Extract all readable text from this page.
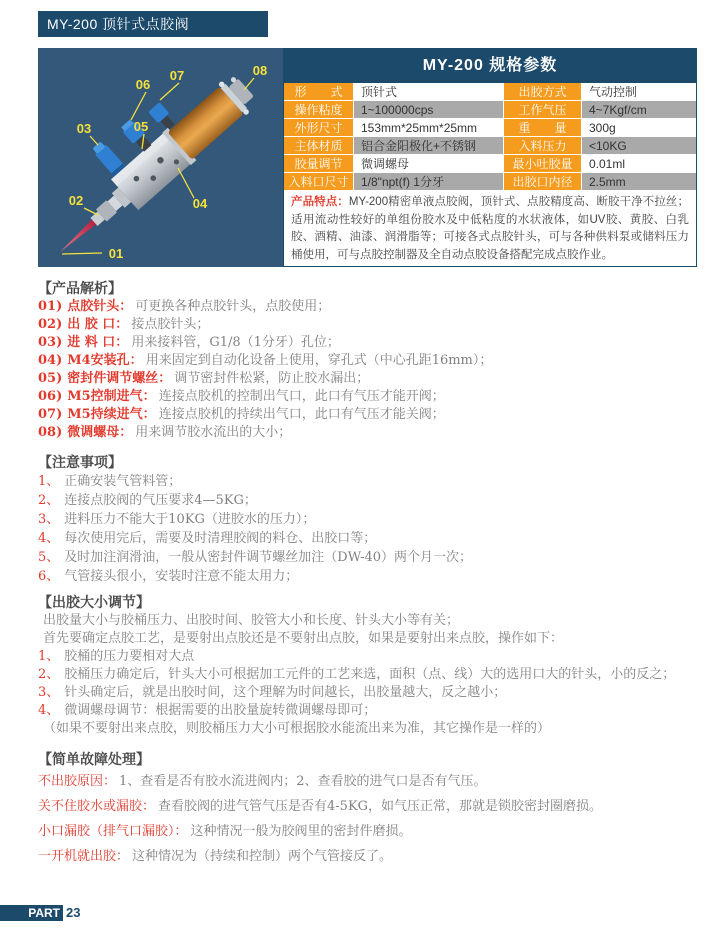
MY-200 顶针式点胶阀
01
02
03
04
05
06
07	08	MY-200 规格参数
形　　式	顶针式	出胶方式	气动控制
操作粘度	1~100000cps	工作气压	4~7Kgf/cm
外形尺寸	153mm*25mm*25mm	重　　量	300g
主体材质	铝合金阳极化+不锈钢	入料压力	<10KG
胶量调节	微调螺母	最小吐胶量	0.01ml
入料口尺寸	1/8"npt(f) 1分牙	出胶口内径	2.5mm
产品特点：MY-200精密单液点胶阀，顶针式、点胶精度高、断胶干净不拉丝；适用流动性较好的单组份胶水及中低粘度的水状液体，如UV胶、黄胶、白乳胶、酒精、油漆、润滑脂等；可接各式点胶针头，可与各种供料泵或储料压力桶使用，可与点胶控制器及全自动点胶设备搭配完成点胶作业。
【产品解析】
01) 点胶针头： 可更换各种点胶针头，点胶使用；
02) 出 胶 口： 接点胶针头；
03) 进 料 口： 用来接料管，G1/8（1分牙）孔位；
04) M4安装孔： 用来固定到自动化设备上使用，穿孔式（中心孔距16mm）；
05) 密封件调节螺丝： 调节密封件松紧，防止胶水漏出；
06) M5控制进气： 连接点胶机的控制出气口，此口有气压才能开阀；
07) M5持续进气： 连接点胶机的持续出气口，此口有气压才能关阀；
08) 微调螺母： 用来调节胶水流出的大小；
【注意事项】
1、 正确安装气管料管；
2、 连接点胶阀的气压要求4—5KG；
3、 进料压力不能大于10KG（进胶水的压力）；
4、 每次使用完后，需要及时清理胶阀的料仓、出胶口等；
5、 及时加注润滑油，一般从密封件调节螺丝加注（DW-40）两个月一次；
6、 气管接头很小，安装时注意不能太用力；
【出胶大小调节】
出胶量大小与胶桶压力、出胶时间、胶管大小和长度、针头大小等有关；
首先要确定点胶工艺，是要射出点胶还是不要射出点胶，如果是要射出来点胶，操作如下：
1、 胶桶的压力要相对大点
2、 胶桶压力确定后，针头大小可根据加工元件的工艺来选，面积（点、线）大的选用口大的针头，小的反之；
3、 针头确定后，就是出胶时间，这个理解为时间越长，出胶量越大，反之越小；
4、 微调螺母调节：根据需要的出胶量旋转微调螺母即可；
（如果不要射出来点胶，则胶桶压力大小可根据胶水能流出来为准，其它操作是一样的）
【简单故障处理】
不出胶原因： 1、查看是否有胶水流进阀内；2、查看胶的进气口是否有气压。
关不住胶水或漏胶： 查看胶阀的进气管气压是否有4-5KG，如气压正常，那就是锁胶密封圈磨损。
小口漏胶（排气口漏胶）： 这种情况一般为胶阀里的密封件磨损。
一开机就出胶： 这种情况为（持续和控制）两个气管接反了。
PART 23
